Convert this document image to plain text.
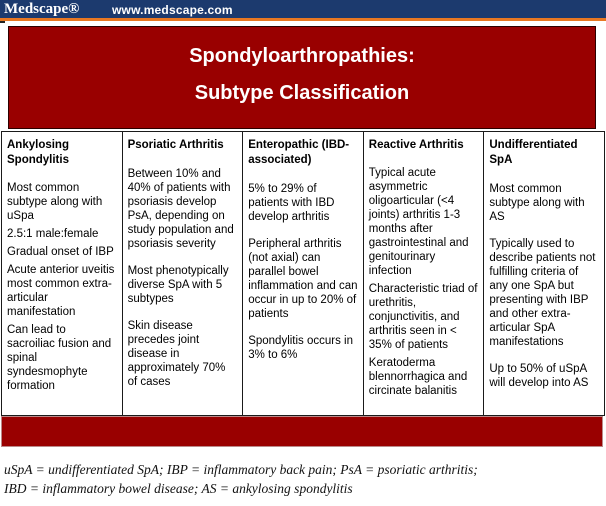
Medscape®	www.medscape.com
Spondyloarthropathies:
Subtype Classification
Ankylosing Spondylitis

Most common subtype along with uSpa

2.5:1 male:female

Gradual onset of IBP

Acute anterior uveitis most common extra-articular manifestation

Can lead to sacroiliac fusion and spinal syndesmophyte formation

Psoriatic Arthritis

Between 10% and 40% of patients with psoriasis develop PsA, depending on study population and psoriasis severity

Most phenotypically diverse SpA with 5 subtypes

Skin disease precedes joint disease in approximately 70% of cases

Enteropathic (IBD-associated)

5% to 29% of patients with IBD develop arthritis

Peripheral arthritis (not axial) can parallel bowel inflammation and can occur in up to 20% of patients

Spondylitis occurs in 3% to 6%

Reactive Arthritis

Typical acute asymmetric oligoarticular (<4 joints) arthritis 1-3 months after gastrointestinal and genitourinary infection

Characteristic triad of urethritis, conjunctivitis, and arthritis seen in < 35% of patients

Keratoderma blennorrhagica and circinate balanitis

Undifferentiated SpA

Most common subtype along with AS

Typically used to describe patients not fulfilling criteria of any one SpA but presenting with IBP and other extra-articular SpA manifestations

Up to 50% of uSpA will develop into AS

uSpA = undifferentiated SpA; IBP = inflammatory back pain; PsA = psoriatic arthritis;
IBD = inflammatory bowel disease; AS = ankylosing spondylitis
